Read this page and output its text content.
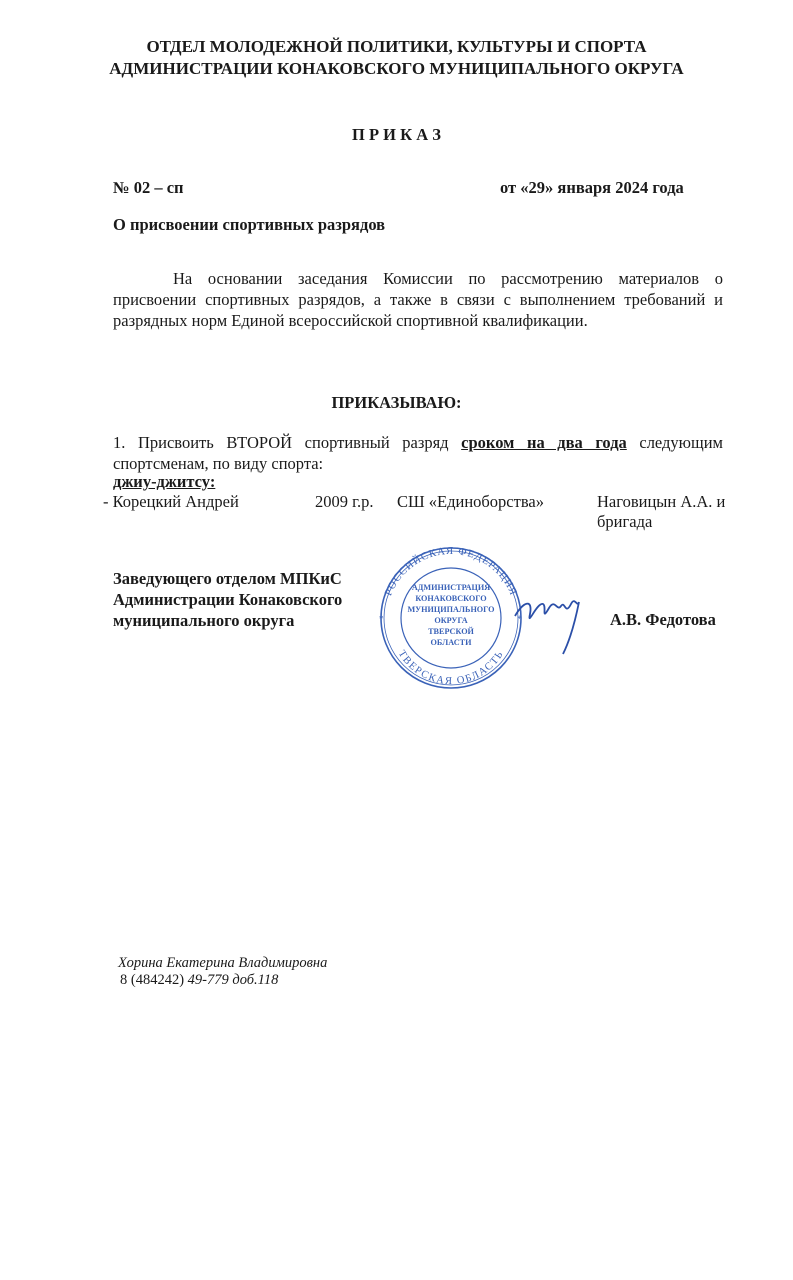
ОТДЕЛ МОЛОДЕЖНОЙ ПОЛИТИКИ, КУЛЬТУРЫ И СПОРТА
АДМИНИСТРАЦИИ КОНАКОВСКОГО МУНИЦИПАЛЬНОГО ОКРУГА
П Р И К А З
№ 02 – сп	от «29» января 2024 года
О присвоении спортивных разрядов
На основании заседания Комиссии по рассмотрению материалов о присвоении спортивных разрядов, а также в связи с выполнением требований и разрядных норм Единой всероссийской спортивной квалификации.
ПРИКАЗЫВАЮ:
1. Присвоить ВТОРОЙ спортивный разряд сроком на два года следующим спортсменам, по виду спорта:
джиу-джитсу:
- Корецкий Андрей	2009 г.р. СШ «Единоборства»	Наговицын А.А. и бригада
Заведующего отделом МПКиС
Администрации Конаковского
муниципального округа	А.В. Федотова
РОССИЙСКАЯ ФЕДЕРАЦИЯ
ТВЕРСКАЯ ОБЛАСТЬ
*	*
АДМИНИСТРАЦИЯ
КОНАКОВСКОГО
МУНИЦИПАЛЬНОГО
ОКРУГА
ТВЕРСКОЙ
ОБЛАСТИ
Хорина Екатерина Владимировна
8 (484242) 49-779 доб.118
